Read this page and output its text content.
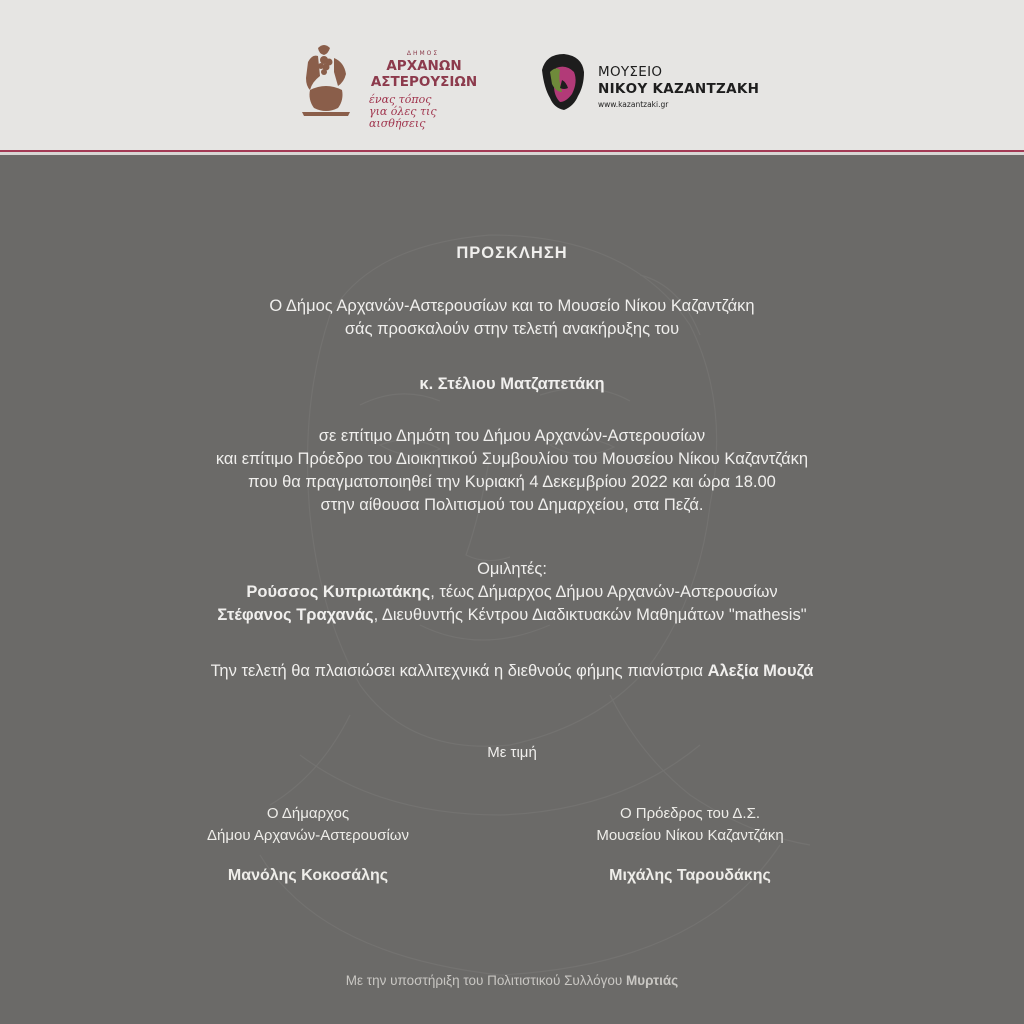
ΔΗΜΟΣ
ΑΡΧΑΝΩΝ
ΑΣΤΕΡΟΥΣΙΩΝ
ένας τόπος
για όλες τις αισθήσεις
ΜΟΥΣΕΙΟ
ΝΙΚΟΥ ΚΑΖΑΝΤΖΑΚΗ
www.kazantzaki.gr
ΠΡΟΣΚΛΗΣΗ
Ο Δήμος Αρχανών-Αστερουσίων και το Μουσείο Νίκου Καζαντζάκη
σάς προσκαλούν στην τελετή ανακήρυξης του
κ. Στέλιου Ματζαπετάκη
σε επίτιμο Δημότη του Δήμου Αρχανών-Αστερουσίων
και επίτιμο Πρόεδρο του Διοικητικού Συμβουλίου του Μουσείου Νίκου Καζαντζάκη
που θα πραγματοποιηθεί την Κυριακή 4 Δεκεμβρίου 2022 και ώρα 18.00
στην αίθουσα Πολιτισμού του Δημαρχείου, στα Πεζά.
Ομιλητές:
Ρούσσος Κυπριωτάκης, τέως Δήμαρχος Δήμου Αρχανών-Αστερουσίων
Στέφανος Τραχανάς, Διευθυντής Κέντρου Διαδικτυακών Μαθημάτων "mathesis"
Την τελετή θα πλαισιώσει καλλιτεχνικά η διεθνούς φήμης πιανίστρια Αλεξία Μουζά
Με τιμή
Ο Δήμαρχος
Δήμου Αρχανών-Αστερουσίων
Μανόλης Κοκοσάλης
Ο Πρόεδρος του Δ.Σ.
Μουσείου Νίκου Καζαντζάκη
Μιχάλης Ταρουδάκης
Με την υποστήριξη του Πολιτιστικού Συλλόγου Μυρτιάς
